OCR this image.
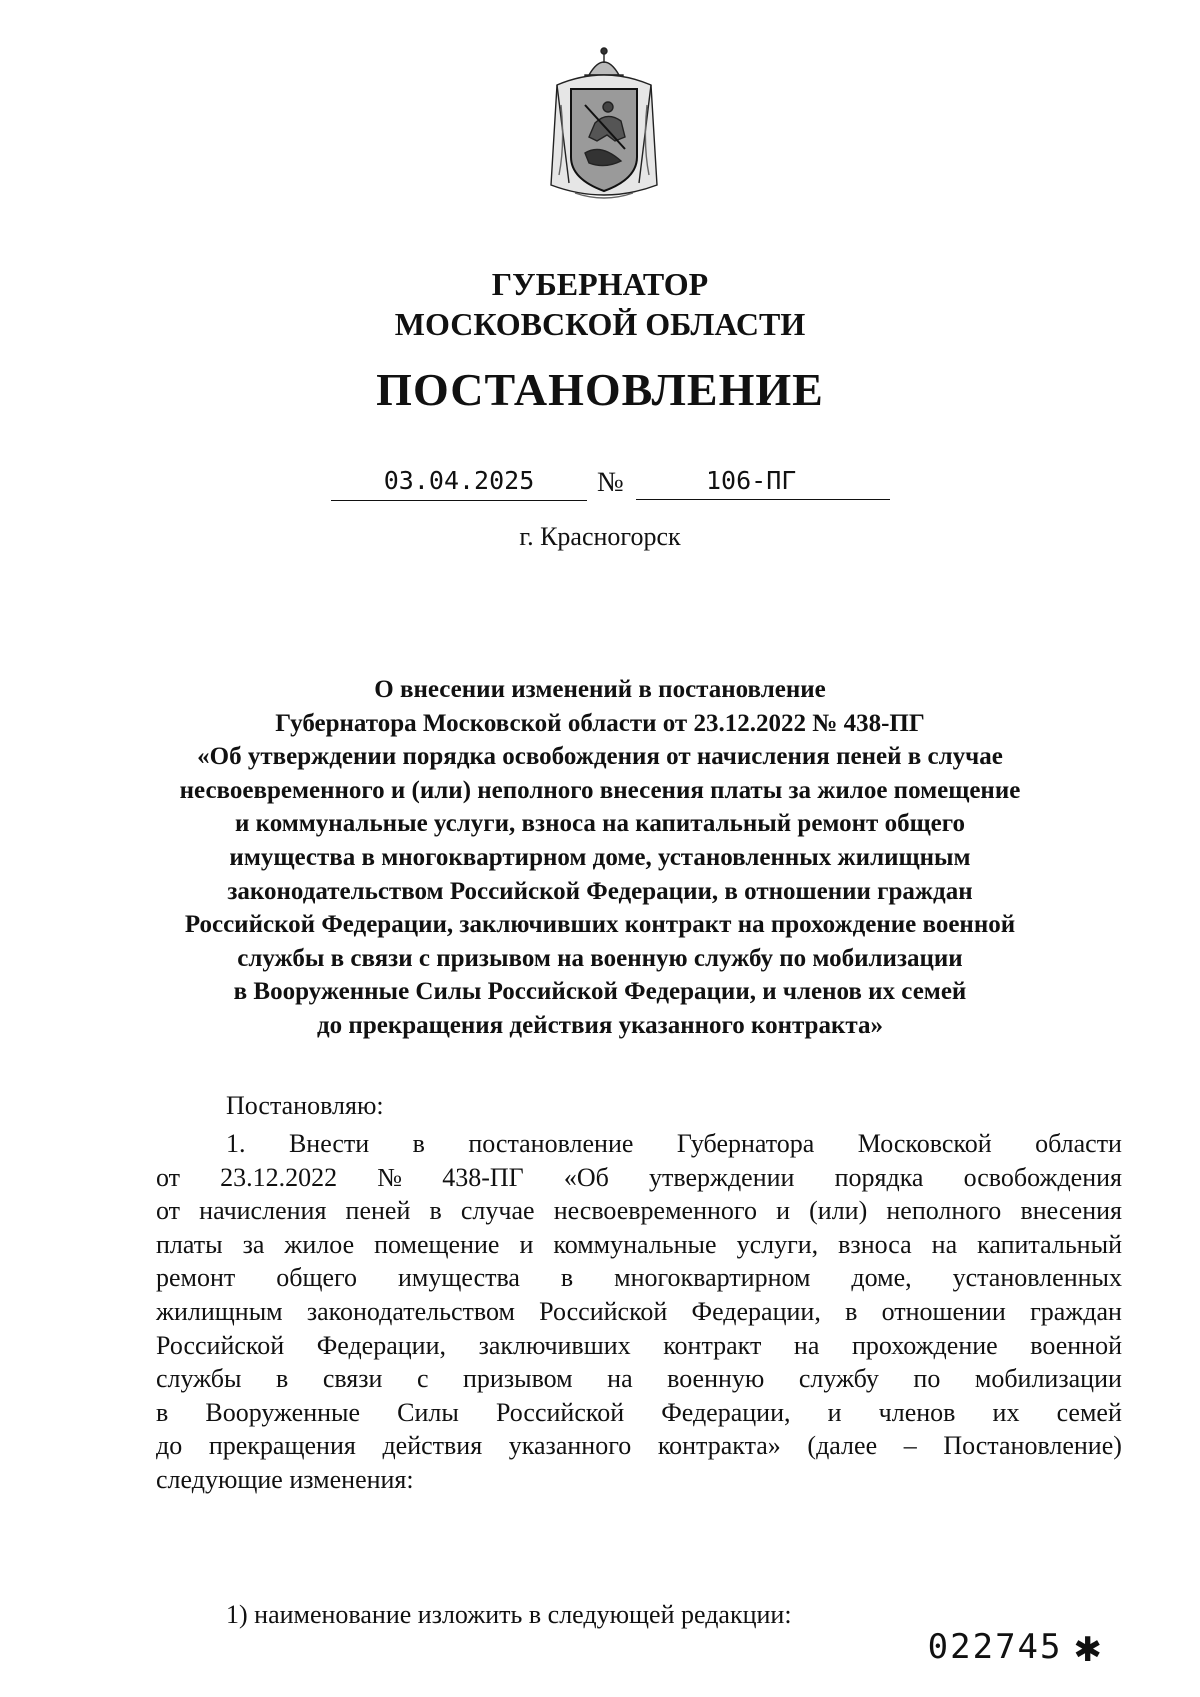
ГУБЕРНАТОР
МОСКОВСКОЙ ОБЛАСТИ
ПОСТАНОВЛЕНИЕ
03.04.2025	№	106-ПГ
г. Красногорск
О внесении изменений в постановление
Губернатора Московской области от 23.12.2022 № 438-ПГ
«Об утверждении порядка освобождения от начисления пеней в случае
несвоевременного и (или) неполного внесения платы за жилое помещение
и коммунальные услуги, взноса на капитальный ремонт общего
имущества в многоквартирном доме, установленных жилищным
законодательством Российской Федерации, в отношении граждан
Российской Федерации, заключивших контракт на прохождение военной
службы в связи с призывом на военную службу по мобилизации
в Вооруженные Силы Российской Федерации, и членов их семей
до прекращения действия указанного контракта»
Постановляю:
1. Внести в постановление Губернатора Московской области
от 23.12.2022 № 438-ПГ «Об утверждении порядка освобождения
от начисления пеней в случае несвоевременного и (или) неполного внесения
платы за жилое помещение и коммунальные услуги, взноса на капитальный
ремонт общего имущества в многоквартирном доме, установленных
жилищным законодательством Российской Федерации, в отношении граждан
Российской Федерации, заключивших контракт на прохождение военной
службы в связи с призывом на военную службу по мобилизации
в Вооруженные Силы Российской Федерации, и членов их семей
до прекращения действия указанного контракта» (далее – Постановление)
следующие изменения:
1) наименование изложить в следующей редакции:
022745 ✱
